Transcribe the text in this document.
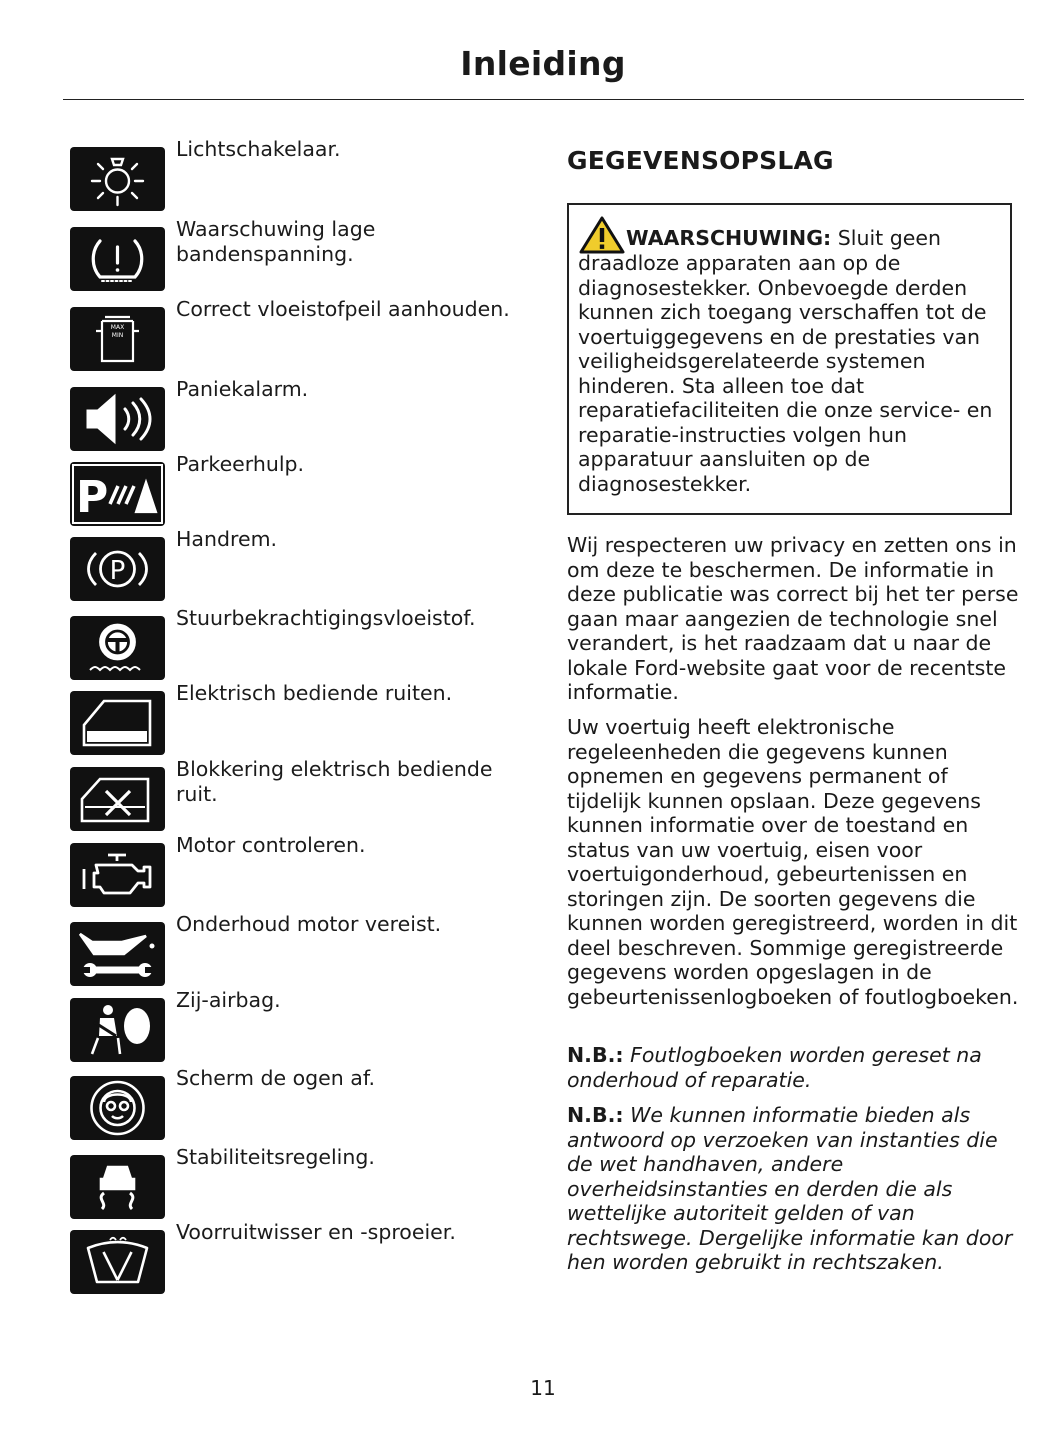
Inleiding
Lichtschakelaar.
Waarschuwing lage bandenspanning.
MAX
MIN
Correct vloeistofpeil aanhouden.
Paniekalarm.
P
Parkeerhulp.
P
Handrem.
Stuurbekrachtigingsvloeistof.
Elektrisch bediende ruiten.
Blokkering elektrisch bediende ruit.
Motor controleren.
Onderhoud motor vereist.
Zij-airbag.
Scherm de ogen af.
Stabiliteitsregeling.
Voorruitwisser en -sproeier.
GEGEVENSOPSLAG
WAARSCHUWING: Sluit geen draadloze apparaten aan op de diagnosestekker. Onbevoegde derden kunnen zich toegang verschaffen tot de voertuiggegevens en de prestaties van veiligheidsgerelateerde systemen hinderen. Sta alleen toe dat reparatiefaciliteiten die onze service- en reparatie-instructies volgen hun apparatuur aansluiten op de diagnosestekker.
Wij respecteren uw privacy en zetten ons in om deze te beschermen. De informatie in deze publicatie was correct bij het ter perse gaan maar aangezien de technologie snel verandert, is het raadzaam dat u naar de lokale Ford-website gaat voor de recentste informatie.
Uw voertuig heeft elektronische regeleenheden die gegevens kunnen opnemen en gegevens permanent of tijdelijk kunnen opslaan. Deze gegevens kunnen informatie over de toestand en status van uw voertuig, eisen voor voertuigonderhoud, gebeurtenissen en storingen zijn. De soorten gegevens die kunnen worden geregistreerd, worden in dit deel beschreven. Sommige geregistreerde gegevens worden opgeslagen in de gebeurtenissenlogboeken of foutlogboeken.
N.B.: Foutlogboeken worden gereset na onderhoud of reparatie.
N.B.: We kunnen informatie bieden als antwoord op verzoeken van instanties die de wet handhaven, andere overheidsinstanties en derden die als wettelijke autoriteit gelden of van rechtswege. Dergelijke informatie kan door hen worden gebruikt in rechtszaken.
11
